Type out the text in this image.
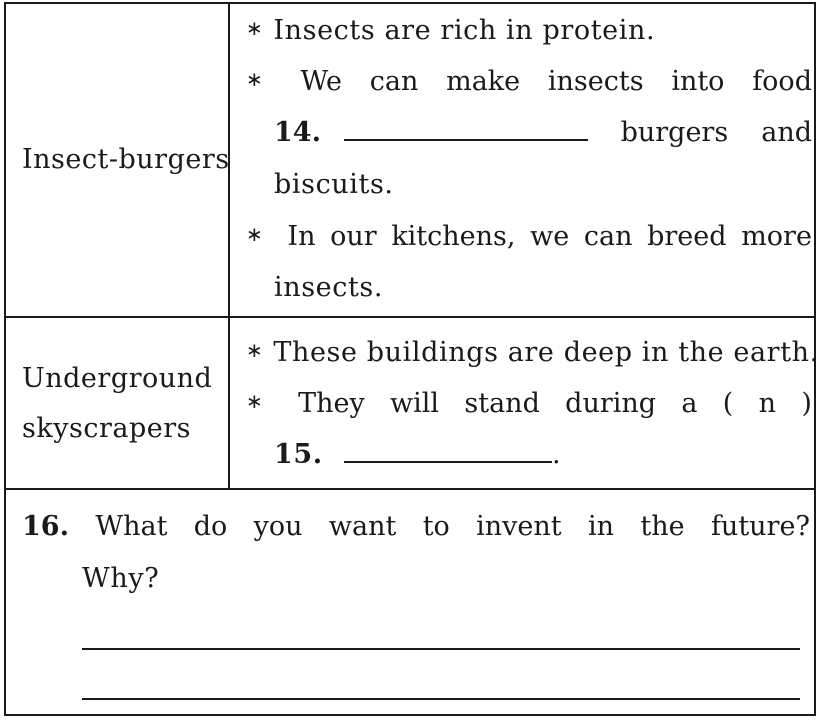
Insect-burgers
∗ Insects are rich in protein.
∗ We can make insects into food
14.	burgers and
biscuits.
∗ In our kitchens, we can breed more
insects.
Underground
skyscrapers
∗ These buildings are deep in the earth.
∗ They will stand during a ( n )
15.	.
16. What do you want to invent in the future?
Why?
